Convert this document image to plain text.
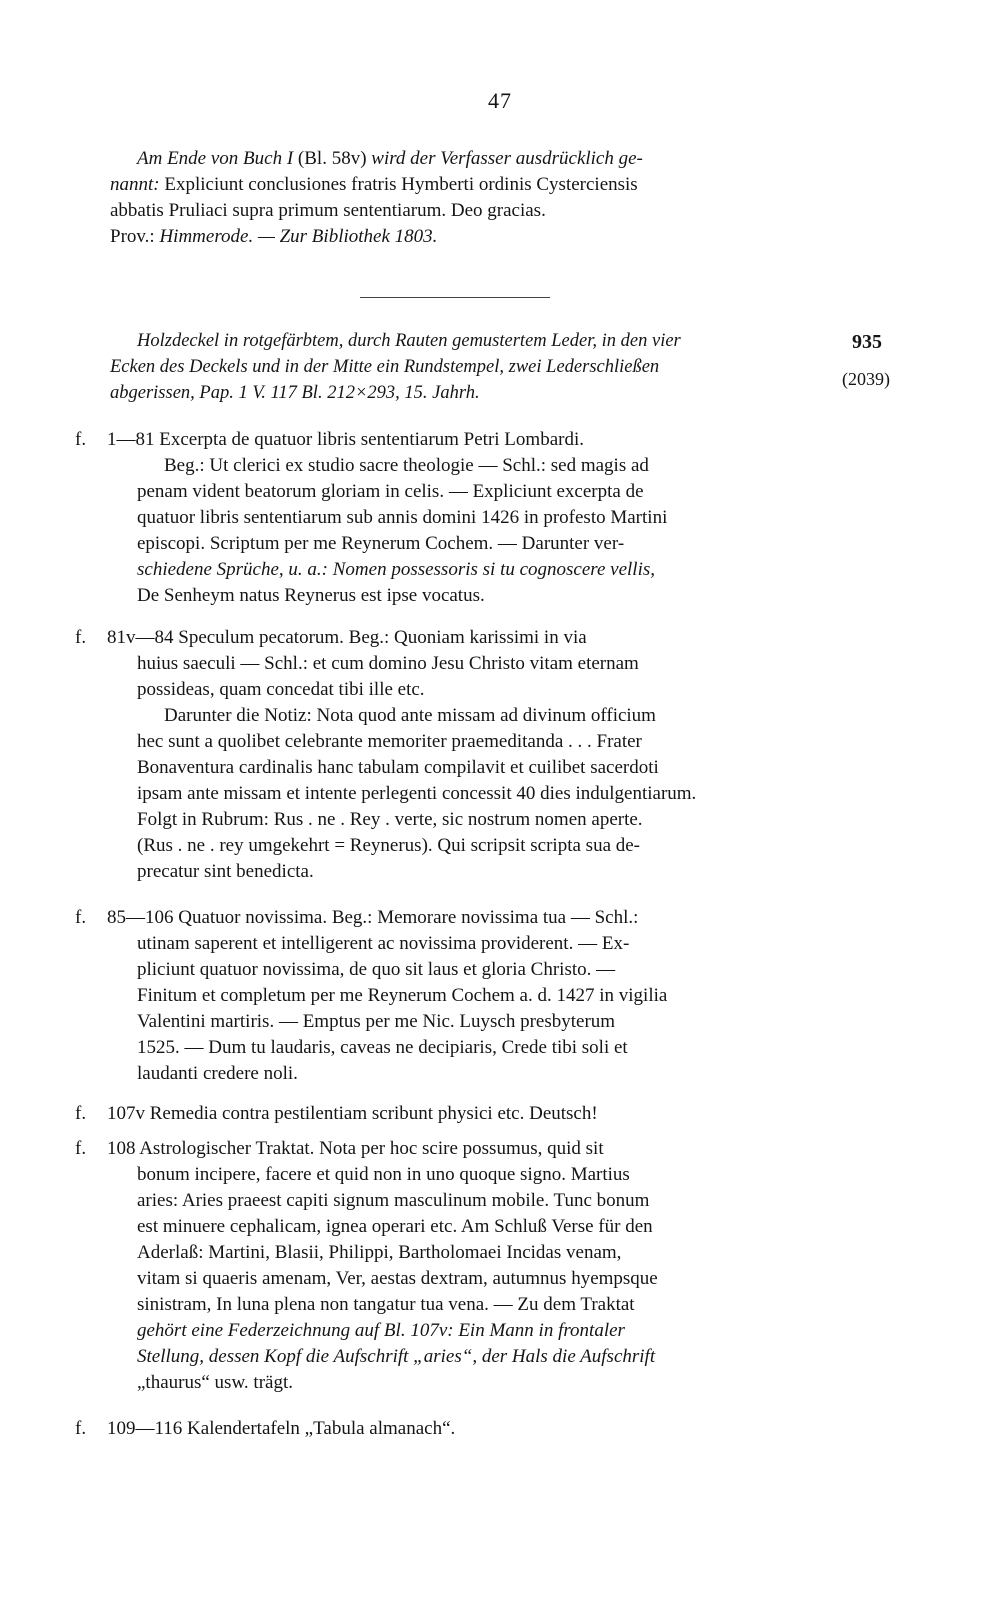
47

Am Ende von Buch I (Bl. 58v) wird der Verfasser ausdrücklich ge-

nannt: Expliciunt conclusiones fratris Hymberti ordinis Cysterciensis

abbatis Pruliaci supra primum sententiarum. Deo gracias.

Prov.: Himmerode. — Zur Bibliothek 1803.

Holzdeckel in rotgefärbtem, durch Rauten gemustertem Leder, in den vier
Ecken des Deckels und in der Mitte ein Rundstempel, zwei Lederschließen
abgerissen, Pap. 1 V. 117 Bl. 212×293, 15. Jahrh.
935
(2039)
f.	1—81 Excerpta de quatuor libris sententiarum Petri Lombardi.
Beg.: Ut clerici ex studio sacre theologie — Schl.: sed magis ad
penam vident beatorum gloriam in celis. — Expliciunt excerpta de
quatuor libris sententiarum sub annis domini 1426 in profesto Martini
episcopi. Scriptum per me Reynerum Cochem. — Darunter ver-
schiedene Sprüche, u. a.: Nomen possessoris si tu cognoscere vellis,
De Senheym natus Reynerus est ipse vocatus.
f.	81v—84 Speculum pecatorum. Beg.: Quoniam karissimi in via
huius saeculi — Schl.: et cum domino Jesu Christo vitam eternam
possideas, quam concedat tibi ille etc.
Darunter die Notiz: Nota quod ante missam ad divinum officium
hec sunt a quolibet celebrante memoriter praemeditanda . . . Frater
Bonaventura cardinalis hanc tabulam compilavit et cuilibet sacerdoti
ipsam ante missam et intente perlegenti concessit 40 dies indulgentiarum.
Folgt in Rubrum: Rus . ne . Rey . verte, sic nostrum nomen aperte.
(Rus . ne . rey umgekehrt = Reynerus). Qui scripsit scripta sua de-
precatur sint benedicta.
f.	85—106 Quatuor novissima. Beg.: Memorare novissima tua — Schl.:
utinam saperent et intelligerent ac novissima providerent. — Ex-
pliciunt quatuor novissima, de quo sit laus et gloria Christo. —
Finitum et completum per me Reynerum Cochem a. d. 1427 in vigilia
Valentini martiris. — Emptus per me Nic. Luysch presbyterum
1525. — Dum tu laudaris, caveas ne decipiaris, Crede tibi soli et
laudanti credere noli.
f.	107v Remedia contra pestilentiam scribunt physici etc. Deutsch!
f.	108 Astrologischer Traktat. Nota per hoc scire possumus, quid sit
bonum incipere, facere et quid non in uno quoque signo. Martius
aries: Aries praeest capiti signum masculinum mobile. Tunc bonum
est minuere cephalicam, ignea operari etc. Am Schluß Verse für den
Aderlaß: Martini, Blasii, Philippi, Bartholomaei Incidas venam,
vitam si quaeris amenam, Ver, aestas dextram, autumnus hyempsque
sinistram, In luna plena non tangatur tua vena. — Zu dem Traktat
gehört eine Federzeichnung auf Bl. 107v: Ein Mann in frontaler
Stellung, dessen Kopf die Aufschrift „aries“, der Hals die Aufschrift
„thaurus“ usw. trägt.
f.	109—116 Kalendertafeln „Tabula almanach“.
